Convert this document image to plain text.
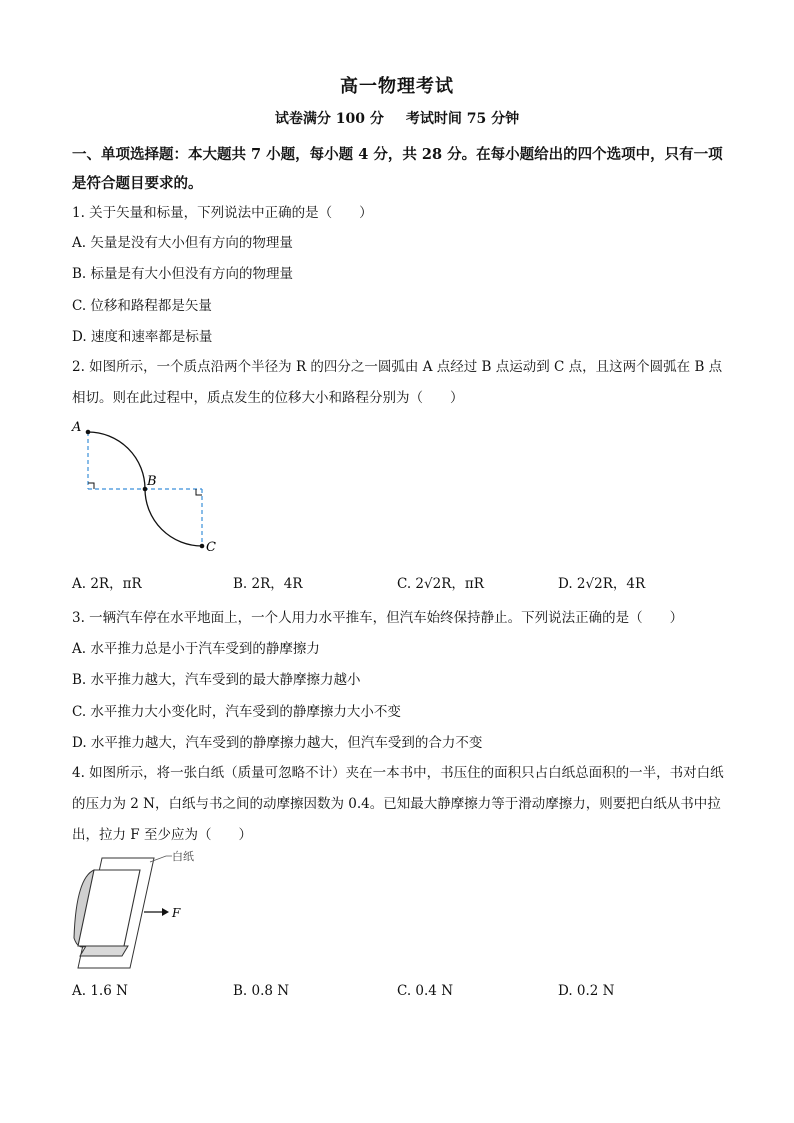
高一物理考试
试卷满分 100 分 考试时间 75 分钟
一、单项选择题：本大题共 7 小题，每小题 4 分，共 28 分。在每小题给出的四个选项中，只有一项是符合题目要求的。
1. 关于矢量和标量，下列说法中正确的是（　　）
A. 矢量是没有大小但有方向的物理量
B. 标量是有大小但没有方向的物理量
C. 位移和路程都是矢量
D. 速度和速率都是标量
2. 如图所示，一个质点沿两个半径为 R 的四分之一圆弧由 A 点经过 B 点运动到 C 点，且这两个圆弧在 B 点相切。则在此过程中，质点发生的位移大小和路程分别为（　　）
A
B
C
A. 2R，πR	B. 2R，4R	C. 2√2R，πR	D. 2√2R，4R
3. 一辆汽车停在水平地面上，一个人用力水平推车，但汽车始终保持静止。下列说法正确的是（　　）
A. 水平推力总是小于汽车受到的静摩擦力
B. 水平推力越大，汽车受到的最大静摩擦力越小
C. 水平推力大小变化时，汽车受到的静摩擦力大小不变
D. 水平推力越大，汽车受到的静摩擦力越大，但汽车受到的合力不变
4. 如图所示，将一张白纸（质量可忽略不计）夹在一本书中，书压住的面积只占白纸总面积的一半，书对白纸的压力为 2 N，白纸与书之间的动摩擦因数为 0.4。已知最大静摩擦力等于滑动摩擦力，则要把白纸从书中拉出，拉力 F 至少应为（　　）
白纸
F
A. 1.6 N	B. 0.8 N	C. 0.4 N	D. 0.2 N
